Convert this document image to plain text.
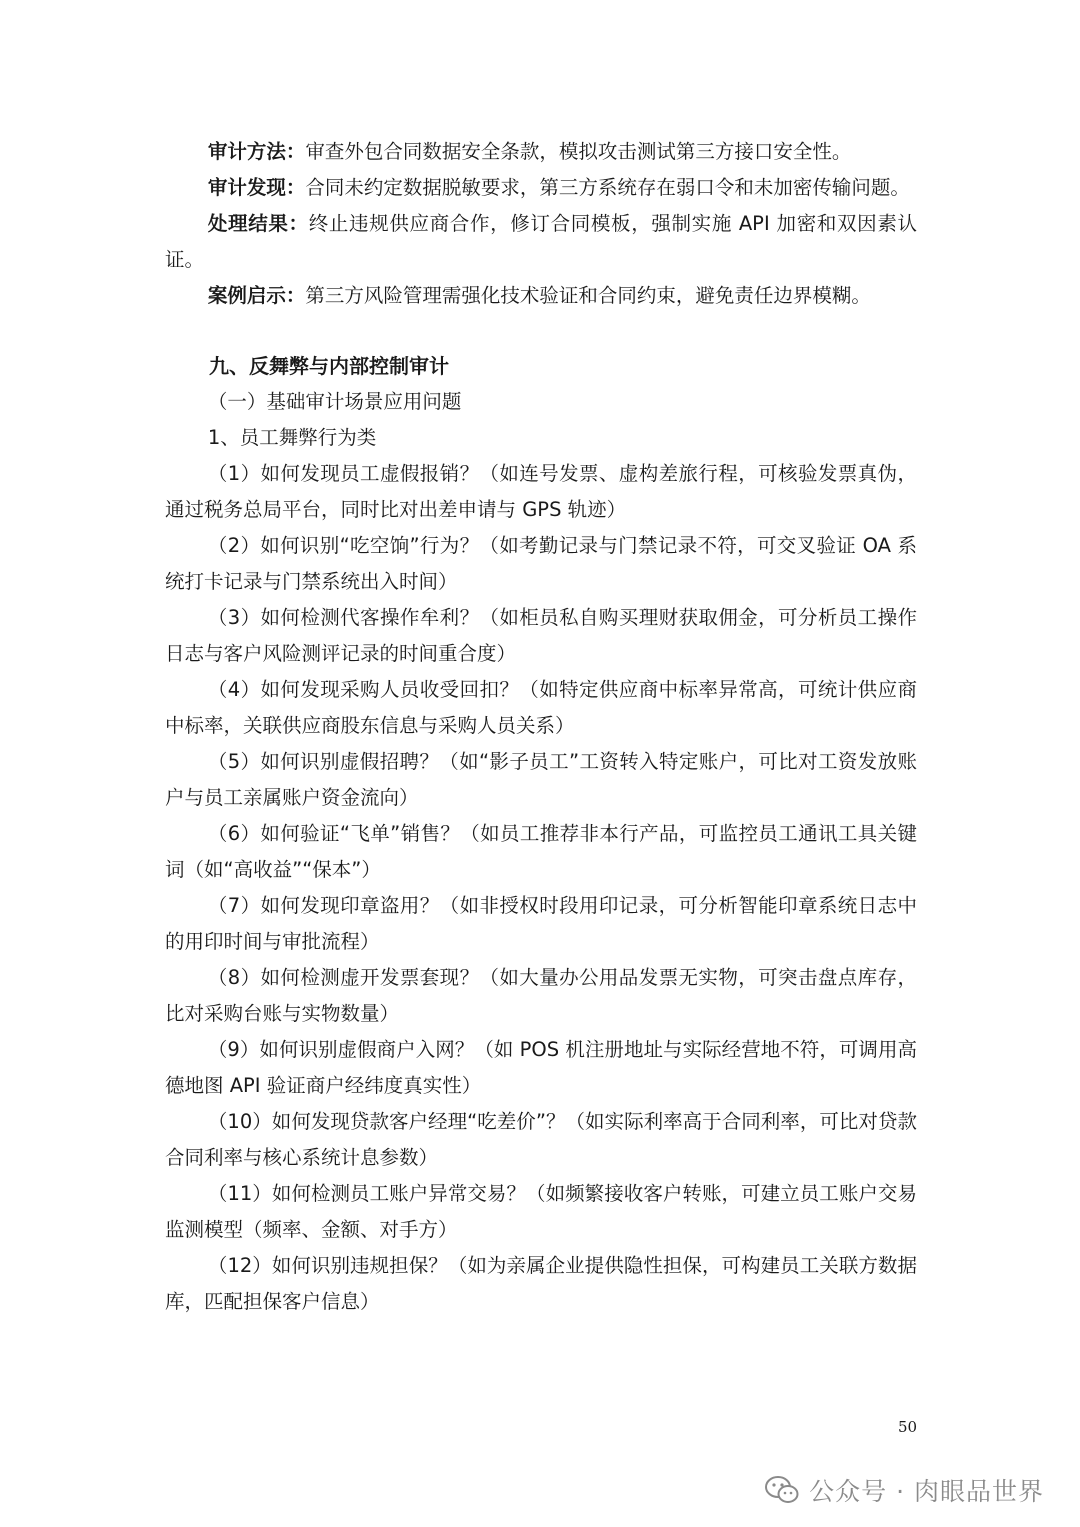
审计方法：审查外包合同数据安全条款，模拟攻击测试第三方接口安全性。

审计发现：合同未约定数据脱敏要求，第三方系统存在弱口令和未加密传输问题。

处理结果：终止违规供应商合作，修订合同模板，强制实施 API 加密和双因素认证。

案例启示：第三方风险管理需强化技术验证和合同约束，避免责任边界模糊。

九、反舞弊与内部控制审计

（一）基础审计场景应用问题

1、员工舞弊行为类

（1）如何发现员工虚假报销？（如连号发票、虚构差旅行程，可核验发票真伪，通过税务总局平台，同时比对出差申请与 GPS 轨迹）

（2）如何识别“吃空饷”行为？（如考勤记录与门禁记录不符，可交叉验证 OA 系统打卡记录与门禁系统出入时间）

（3）如何检测代客操作牟利？（如柜员私自购买理财获取佣金，可分析员工操作日志与客户风险测评记录的时间重合度）

（4）如何发现采购人员收受回扣？（如特定供应商中标率异常高，可统计供应商中标率，关联供应商股东信息与采购人员关系）

（5）如何识别虚假招聘？（如“影子员工”工资转入特定账户，可比对工资发放账户与员工亲属账户资金流向）

（6）如何验证“飞单”销售？（如员工推荐非本行产品，可监控员工通讯工具关键词（如“高收益”“保本”）

（7）如何发现印章盗用？（如非授权时段用印记录，可分析智能印章系统日志中的用印时间与审批流程）

（8）如何检测虚开发票套现？（如大量办公用品发票无实物，可突击盘点库存，比对采购台账与实物数量）

（9）如何识别虚假商户入网？（如 POS 机注册地址与实际经营地不符，可调用高德地图 API 验证商户经纬度真实性）

（10）如何发现贷款客户经理“吃差价”？（如实际利率高于合同利率，可比对贷款合同利率与核心系统计息参数）

（11）如何检测员工账户异常交易？（如频繁接收客户转账，可建立员工账户交易监测模型（频率、金额、对手方）

（12）如何识别违规担保？（如为亲属企业提供隐性担保，可构建员工关联方数据库，匹配担保客户信息）

50
公众号 · 肉眼品世界
